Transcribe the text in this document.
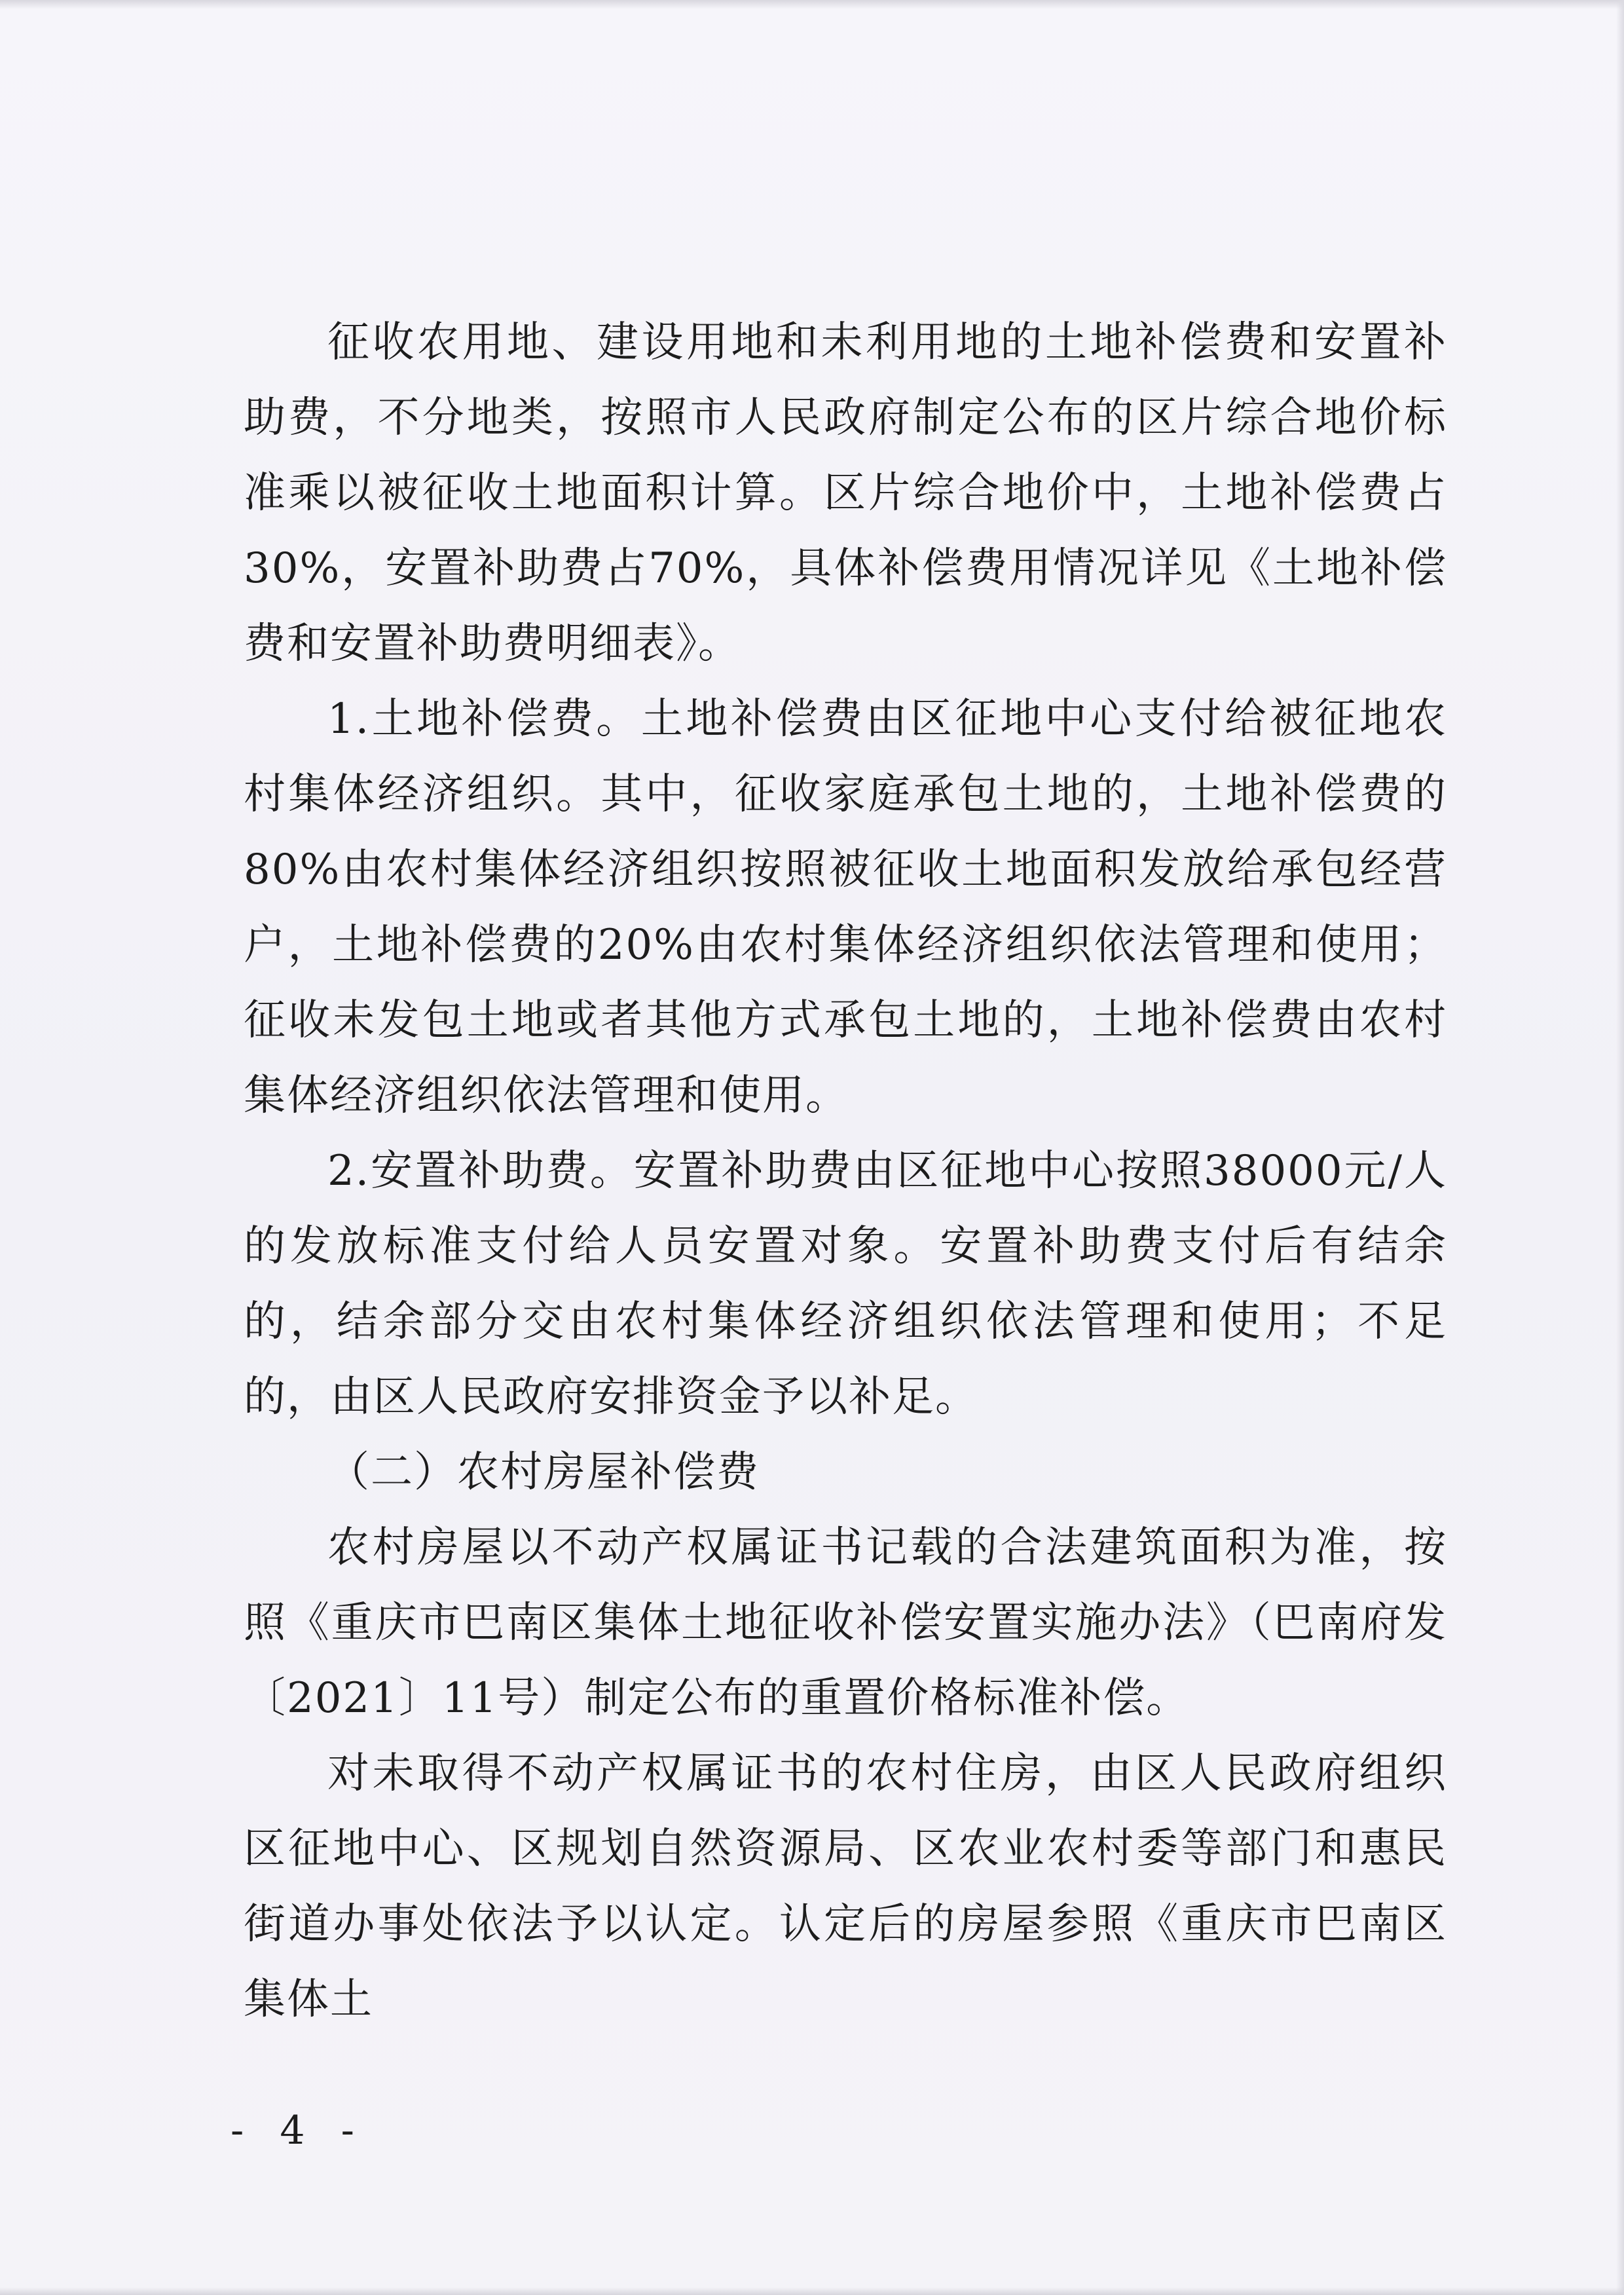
征收农用地、建设用地和未利用地的土地补偿费和安置补助费，不分地类，按照市人民政府制定公布的区片综合地价标准乘以被征收土地面积计算。区片综合地价中，土地补偿费占30%，安置补助费占70%，具体补偿费用情况详见《土地补偿费和安置补助费明细表》。

1.土地补偿费。土地补偿费由区征地中心支付给被征地农村集体经济组织。其中，征收家庭承包土地的，土地补偿费的80%由农村集体经济组织按照被征收土地面积发放给承包经营户，土地补偿费的20%由农村集体经济组织依法管理和使用；征收未发包土地或者其他方式承包土地的，土地补偿费由农村集体经济组织依法管理和使用。

2.安置补助费。安置补助费由区征地中心按照38000元/人的发放标准支付给人员安置对象。安置补助费支付后有结余的，结余部分交由农村集体经济组织依法管理和使用；不足的，由区人民政府安排资金予以补足。

（二）农村房屋补偿费

农村房屋以不动产权属证书记载的合法建筑面积为准，按照《重庆市巴南区集体土地征收补偿安置实施办法》（巴南府发〔2021〕11号）制定公布的重置价格标准补偿。

对未取得不动产权属证书的农村住房，由区人民政府组织区征地中心、区规划自然资源局、区农业农村委等部门和惠民街道办事处依法予以认定。认定后的房屋参照《重庆市巴南区集体土

- 4 -
